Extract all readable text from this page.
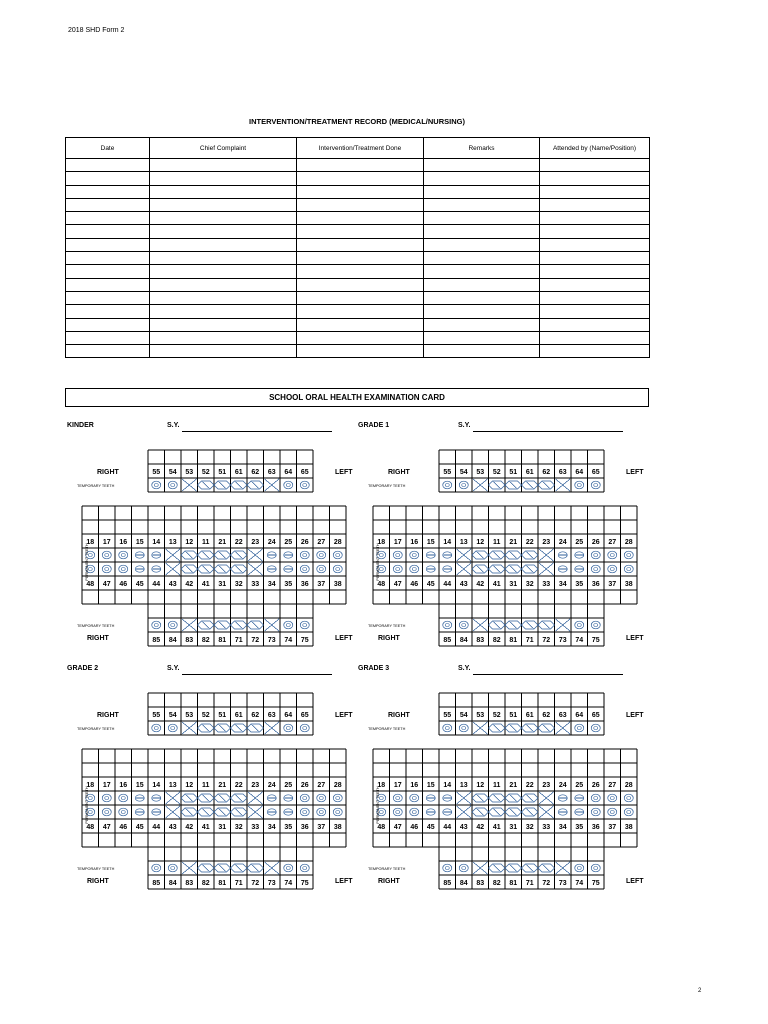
2018 SHD Form 2
INTERVENTION/TREATMENT RECORD (MEDICAL/NURSING)
Date	Chief Complaint	Intervention/Treatment Done	Remarks	Attended by (Name/Position)

SCHOOL ORAL HEALTH EXAMINATION CARD
KINDER	S.Y.
55 54 53 52 51 61 62 63 64 65
RIGHT	LEFT
TEMPORARY TEETH
18 17 16 15 14 13 12 11 21 22 23 24 25 26 27 28
48 47 46 45 44 43 42 41 31 32 33 34 35 36 37 38
PERMANENT TEETH
TEMPORARY TEETH
85 84 83 82 81 71 72 73 74 75
RIGHT	LEFT
GRADE 1	S.Y.
55 54 53 52 51 61 62 63 64 65
RIGHT	LEFT
TEMPORARY TEETH
18 17 16 15 14 13 12 11 21 22 23 24 25 26 27 28
48 47 46 45 44 43 42 41 31 32 33 34 35 36 37 38
PERMANENT TEETH
TEMPORARY TEETH
85 84 83 82 81 71 72 73 74 75
RIGHT	LEFT
GRADE 2	S.Y.
55 54 53 52 51 61 62 63 64 65
RIGHT	LEFT
TEMPORARY TEETH
18 17 16 15 14 13 12 11 21 22 23 24 25 26 27 28
48 47 46 45 44 43 42 41 31 32 33 34 35 36 37 38
PERMANENT TEETH
TEMPORARY TEETH
85 84 83 82 81 71 72 73 74 75
RIGHT	LEFT
GRADE 3	S.Y.
55 54 53 52 51 61 62 63 64 65
RIGHT	LEFT
TEMPORARY TEETH
18 17 16 15 14 13 12 11 21 22 23 24 25 26 27 28
48 47 46 45 44 43 42 41 31 32 33 34 35 36 37 38
PERMANENT TEETH
TEMPORARY TEETH
85 84 83 82 81 71 72 73 74 75
RIGHT	LEFT
2
